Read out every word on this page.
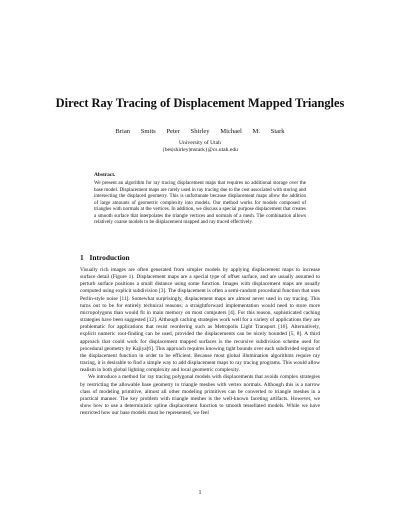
Direct Ray Tracing of Displacement Mapped Triangles
Brian Smits Peter Shirley Michael M. Stark
University of Utah
{bes|shirley|mstark}@cs.utah.edu
Abstract.

We present an algorithm for ray tracing displacement maps that requires no additional storage over the base model. Displacement maps are rarely used in ray tracing due to the cost associated with storing and intersecting the displaced geometry. This is unfortunate because displacement maps allow the addition of large amounts of geometric complexity into models. Our method works for models composed of triangles with normals at the vertices. In addition, we discuss a special purpose displacement that creates a smooth surface that interpolates the triangle vertices and normals of a mesh. The combination allows relatively coarse models to be displacement mapped and ray traced effectively.

1 Introduction

Visually rich images are often generated from simpler models by applying displacement maps to increase surface detail (Figure 1). Displacement maps are a special type of offset surface, and are usually assumed to perturb surface positions a small distance using some function. Images with displacement maps are usually computed using explicit subdivision [3]. The displacement is often a semi-random procedural function that uses Perlin-style noise [11]. Somewhat surprisingly, displacement maps are almost never used in ray tracing. This turns out to be for entirely technical reasons; a straightforward implementation would need to store more micropolygons than would fit in main memory on most computers [4]. For this reason, sophisticated caching strategies have been suggested [12]. Although caching strategies work well for a variety of applications they are problematic for applications that resist reordering such as Metropolis Light Transport [16]. Alternatively, explicit numeric root-finding can be used, provided the displacements can be nicely bounded [5, 8]. A third approach that could work for displacement mapped surfaces is the recursive subdivision scheme used for procedural geometry by Kajiya[6]. This approach requires knowing tight bounds over each subdivided region of the displacement function in order to be efficient. Because most global illumination algorithms require ray tracing, it is desirable to find a simple way to add displacement maps to ray tracing programs. This would allow realism in both global lighting complexity and local geometric complexity.

We introduce a method for ray tracing polygonal models with displacements that avoids complex strategies by restricting the allowable base geometry to triangle meshes with vertex normals. Although this is a narrow class of modeling primitive, almost all other modeling primitives can be converted to triangle meshes in a practical manner. The key problem with triangle meshes is the well-known faceting artifacts. However, we show how to use a deterministic spline displacement function to smooth tessellated models. While we have restricted how our base models must be represented, we feel

1
